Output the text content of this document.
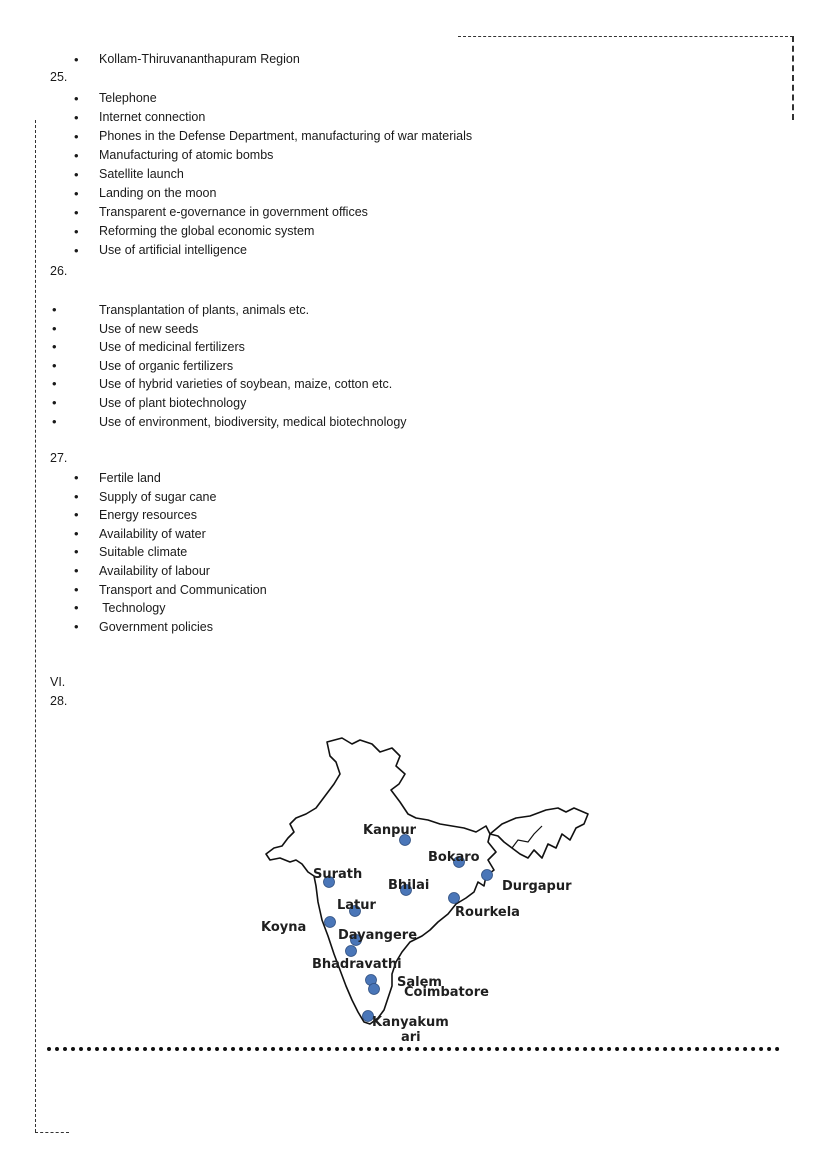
• Kollam-Thiruvananthapuram Region
25.
• Telephone
• Internet connection
• Phones in the Defense Department, manufacturing of war materials
• Manufacturing of atomic bombs
• Satellite launch
• Landing on the moon
• Transparent e-governance in government offices
• Reforming the global economic system
• Use of artificial intelligence
26.
• Transplantation of plants, animals etc.
• Use of new seeds
• Use of medicinal fertilizers
• Use of organic fertilizers
• Use of hybrid varieties of soybean, maize, cotton etc.
• Use of plant biotechnology
• Use of environment, biodiversity, medical biotechnology
27.
• Fertile land
• Supply of sugar cane
• Energy resources
• Availability of water
• Suitable climate
• Availability of labour
• Transport and Communication
•  Technology
• Government policies
VI.
28.
Kanpur
Bokaro
Surath
Bhilai	Durgapur
Latur	Rourkela
Koyna
Dayangere
Bhadravathi
Salem
Coimbatore
Kanyakum
ari
